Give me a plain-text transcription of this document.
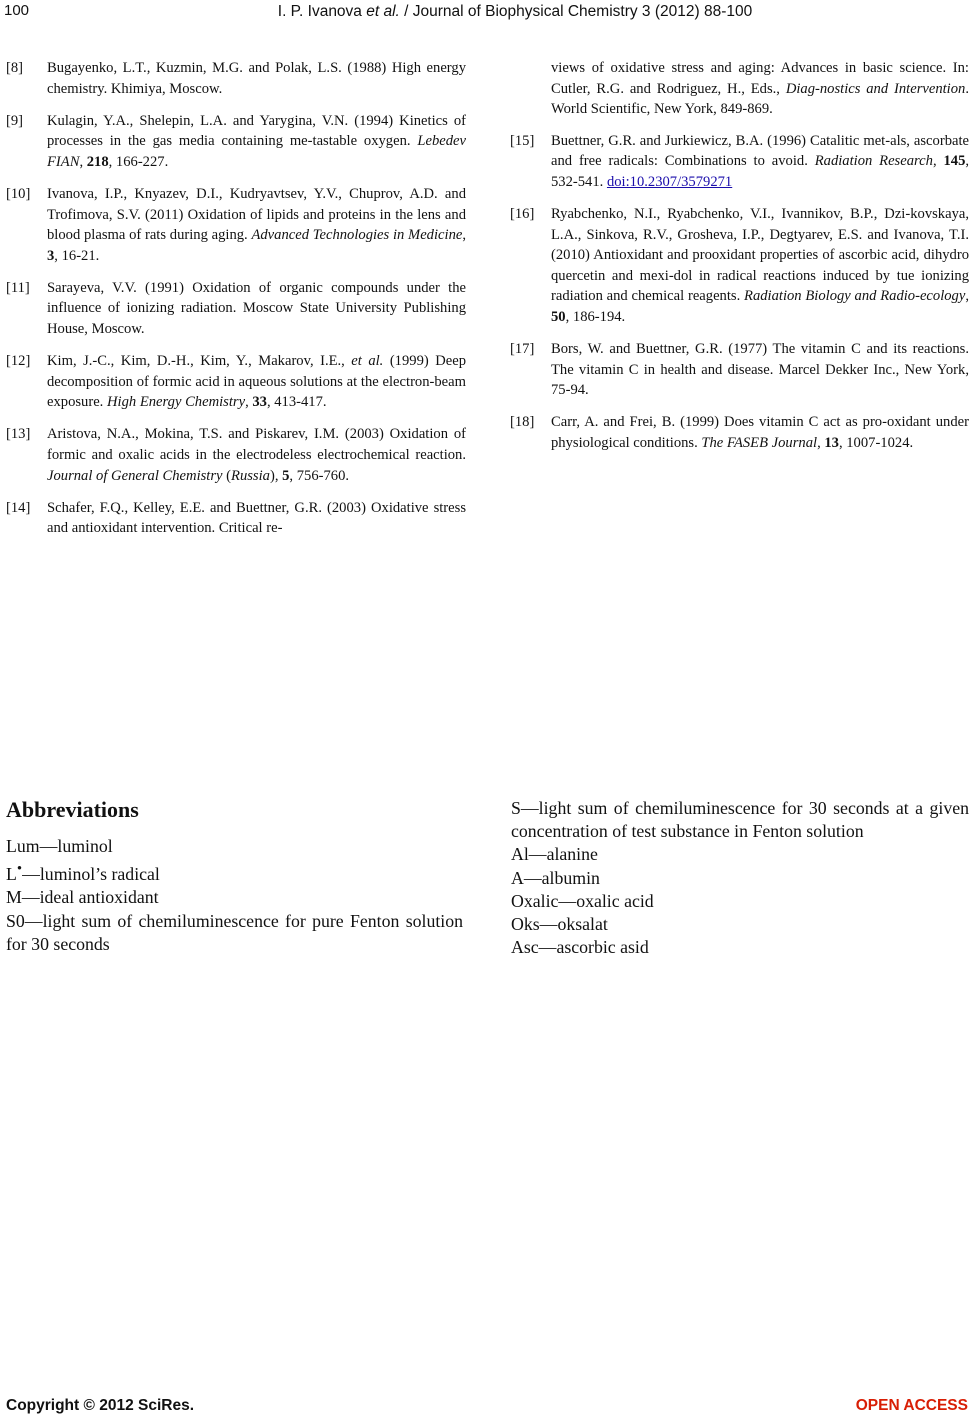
100	I. P. Ivanova et al. / Journal of Biophysical Chemistry 3 (2012) 88-100
[8]	Bugayenko, L.T., Kuzmin, M.G. and Polak, L.S. (1988) High energy chemistry. Khimiya, Moscow.
[9]	Kulagin, Y.A., Shelepin, L.A. and Yarygina, V.N. (1994) Kinetics of processes in the gas media containing me-tastable oxygen. Lebedev FIAN, 218, 166-227.
[10]	Ivanova, I.P., Knyazev, D.I., Kudryavtsev, Y.V., Chuprov, A.D. and Trofimova, S.V. (2011) Oxidation of lipids and proteins in the lens and blood plasma of rats during aging. Advanced Technologies in Medicine, 3, 16-21.
[11]	Sarayeva, V.V. (1991) Oxidation of organic compounds under the influence of ionizing radiation. Moscow State University Publishing House, Moscow.
[12]	Kim, J.-C., Kim, D.-H., Kim, Y., Makarov, I.E., et al. (1999) Deep decomposition of formic acid in aqueous solutions at the electron-beam exposure. High Energy Chemistry, 33, 413-417.
[13]	Aristova, N.A., Mokina, T.S. and Piskarev, I.M. (2003) Oxidation of formic and oxalic acids in the electrodeless electrochemical reaction. Journal of General Chemistry (Russia), 5, 756-760.
[14]	Schafer, F.Q., Kelley, E.E. and Buettner, G.R. (2003) Oxidative stress and antioxidant intervention. Critical re-
views of oxidative stress and aging: Advances in basic science. In: Cutler, R.G. and Rodriguez, H., Eds., Diag-nostics and Intervention. World Scientific, New York, 849-869.
[15]	Buettner, G.R. and Jurkiewicz, B.A. (1996) Catalitic met-als, ascorbate and free radicals: Combinations to avoid. Radiation Research, 145, 532-541. doi:10.2307/3579271
[16]	Ryabchenko, N.I., Ryabchenko, V.I., Ivannikov, B.P., Dzi-kovskaya, L.A., Sinkova, R.V., Grosheva, I.P., Degtyarev, E.S. and Ivanova, T.I. (2010) Antioxidant and prooxidant properties of ascorbic acid, dihydro quercetin and mexi-dol in radical reactions induced by tue ionizing radiation and chemical reagents. Radiation Biology and Radio-ecology, 50, 186-194.
[17]	Bors, W. and Buettner, G.R. (1977) The vitamin C and its reactions. The vitamin C in health and disease. Marcel Dekker Inc., New York, 75-94.
[18]	Carr, A. and Frei, B. (1999) Does vitamin C act as pro-oxidant under physiological conditions. The FASEB Journal, 13, 1007-1024.
Abbreviations
Lum—luminol
L•—luminol’s radical
M—ideal antioxidant
S0—light sum of chemiluminescence for pure Fenton solution for 30 seconds
S—light sum of chemiluminescence for 30 seconds at a given concentration of test substance in Fenton solution
Al—alanine
A—albumin
Oxalic—oxalic acid
Oks—oksalat
Asc—ascorbic asid
Copyright © 2012 SciRes.	OPEN ACCESS
